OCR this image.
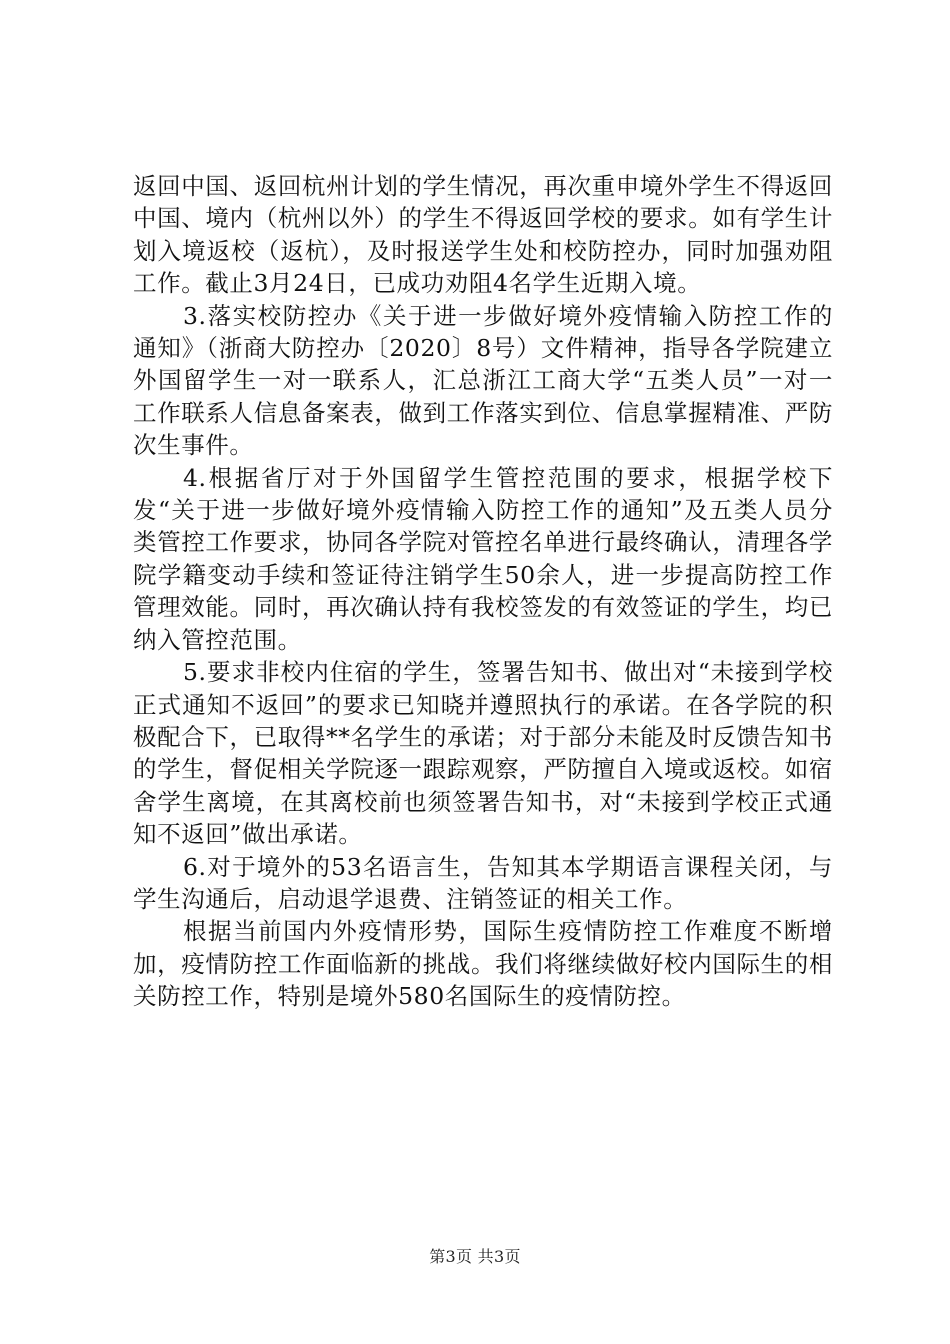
返回中国、返回杭州计划的学生情况，再次重申境外学生不得返回中国、境内（杭州以外）的学生不得返回学校的要求。如有学生计划入境返校（返杭），及时报送学生处和校防控办，同时加强劝阻工作。截止3月24日，已成功劝阻4名学生近期入境。

3.落实校防控办《关于进一步做好境外疫情输入防控工作的通知》（浙商大防控办〔2020〕8号）文件精神，指导各学院建立外国留学生一对一联系人，汇总浙江工商大学“五类人员”一对一工作联系人信息备案表，做到工作落实到位、信息掌握精准、严防次生事件。

4.根据省厅对于外国留学生管控范围的要求，根据学校下发“关于进一步做好境外疫情输入防控工作的通知”及五类人员分类管控工作要求，协同各学院对管控名单进行最终确认，清理各学院学籍变动手续和签证待注销学生50余人，进一步提高防控工作管理效能。同时，再次确认持有我校签发的有效签证的学生，均已纳入管控范围。

5.要求非校内住宿的学生，签署告知书、做出对“未接到学校正式通知不返回”的要求已知晓并遵照执行的承诺。在各学院的积极配合下，已取得**名学生的承诺；对于部分未能及时反馈告知书的学生，督促相关学院逐一跟踪观察，严防擅自入境或返校。如宿舍学生离境，在其离校前也须签署告知书，对“未接到学校正式通知不返回”做出承诺。

6.对于境外的53名语言生，告知其本学期语言课程关闭，与学生沟通后，启动退学退费、注销签证的相关工作。

根据当前国内外疫情形势，国际生疫情防控工作难度不断增加，疫情防控工作面临新的挑战。我们将继续做好校内国际生的相关防控工作，特别是境外580名国际生的疫情防控。

第3页 共3页
